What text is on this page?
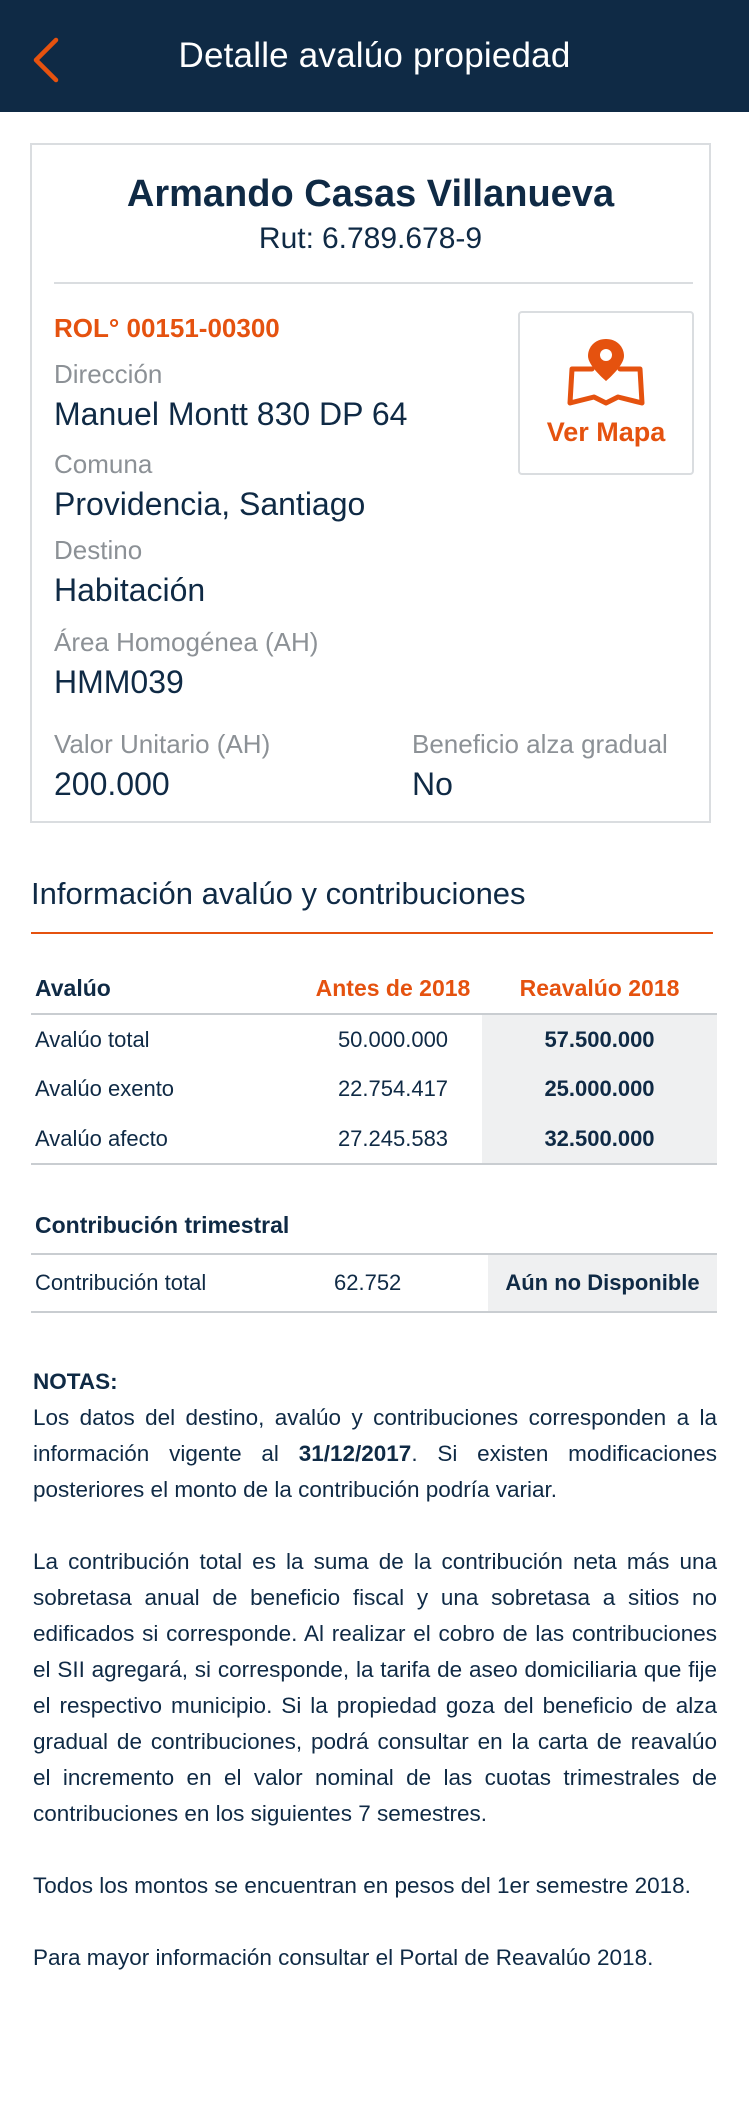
Detalle avalúo propiedad
Armando Casas Villanueva
Rut: 6.789.678-9
ROL° 00151-00300
Dirección
Manuel Montt 830 DP 64
Comuna
Providencia, Santiago
Destino
Habitación
Área Homogénea (AH)
HMM039
Valor Unitario (AH)
200.000
Beneficio alza gradual
No
Ver Mapa
Información avalúo y contribuciones
Avalúo	Antes de 2018	Reavalúo 2018
Avalúo total	50.000.000	57.500.000
Avalúo exento	22.754.417	25.000.000
Avalúo afecto	27.245.583	32.500.000
Contribución trimestral
Contribución total	62.752	Aún no Disponible

NOTAS:

Los datos del destino, avalúo y contribuciones corresponden a la información vigente al 31/12/2017. Si existen modificaciones posteriores el monto de la contribución podría variar.

La contribución total es la suma de la contribución neta más una sobretasa anual de beneficio fiscal y una sobretasa a sitios no edificados si corresponde. Al realizar el cobro de las contribuciones el SII agregará, si corresponde, la tarifa de aseo domiciliaria que fije el respectivo municipio. Si la propiedad goza del beneficio de alza gradual de contribuciones, podrá consultar en la carta de reavalúo el incremento en el valor nominal de las cuotas trimestrales de contribuciones en los siguientes 7 semestres.

Todos los montos se encuentran en pesos del 1er semestre 2018.

Para mayor información consultar el Portal de Reavalúo 2018.
